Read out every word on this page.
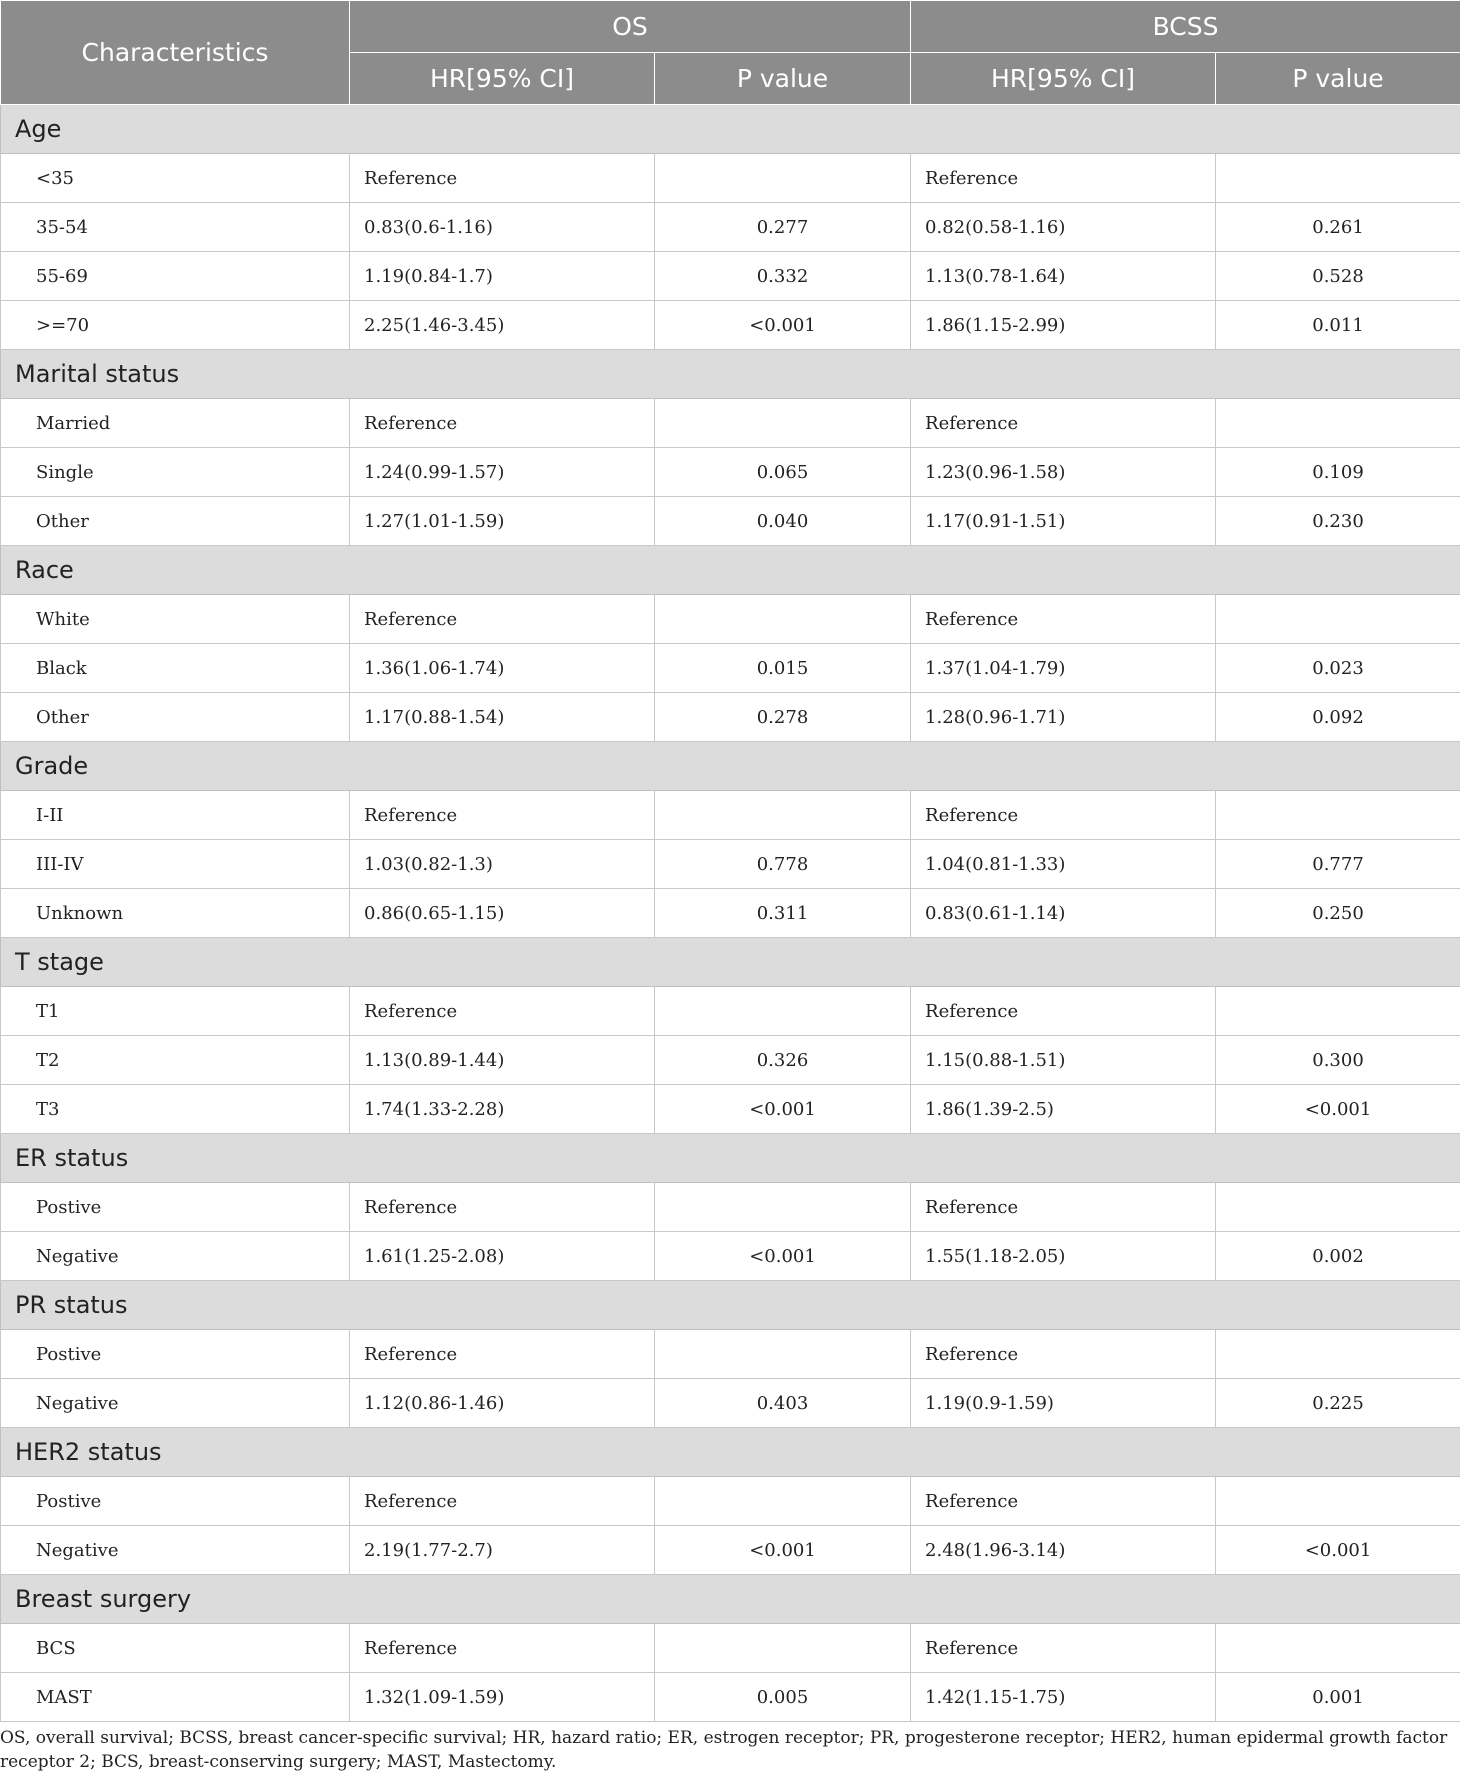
Characteristics	OS		BCSS	
	HR[95% CI]	P value	HR[95% CI]	P value
Age				
<35	Reference		Reference	
35-54	0.83(0.6-1.16)	0.277	0.82(0.58-1.16)	0.261
55-69	1.19(0.84-1.7)	0.332	1.13(0.78-1.64)	0.528
>=70	2.25(1.46-3.45)	<0.001	1.86(1.15-2.99)	0.011
Marital status				
Married	Reference		Reference	
Single	1.24(0.99-1.57)	0.065	1.23(0.96-1.58)	0.109
Other	1.27(1.01-1.59)	0.040	1.17(0.91-1.51)	0.230
Race				
White	Reference		Reference	
Black	1.36(1.06-1.74)	0.015	1.37(1.04-1.79)	0.023
Other	1.17(0.88-1.54)	0.278	1.28(0.96-1.71)	0.092
Grade				
I-II	Reference		Reference	
III-IV	1.03(0.82-1.3)	0.778	1.04(0.81-1.33)	0.777
Unknown	0.86(0.65-1.15)	0.311	0.83(0.61-1.14)	0.250
T stage				
T1	Reference		Reference	
T2	1.13(0.89-1.44)	0.326	1.15(0.88-1.51)	0.300
T3	1.74(1.33-2.28)	<0.001	1.86(1.39-2.5)	<0.001
ER status				
Postive	Reference		Reference	
Negative	1.61(1.25-2.08)	<0.001	1.55(1.18-2.05)	0.002
PR status				
Postive	Reference		Reference	
Negative	1.12(0.86-1.46)	0.403	1.19(0.9-1.59)	0.225
HER2 status				
Postive	Reference		Reference	
Negative	2.19(1.77-2.7)	<0.001	2.48(1.96-3.14)	<0.001
Breast surgery				
BCS	Reference		Reference	
MAST	1.32(1.09-1.59)	0.005	1.42(1.15-1.75)	0.001

OS, overall survival; BCSS, breast cancer-specific survival; HR, hazard ratio; ER, estrogen receptor; PR, progesterone receptor; HER2, human epidermal growth factor receptor 2; BCS, breast-conserving surgery; MAST, Mastectomy.
